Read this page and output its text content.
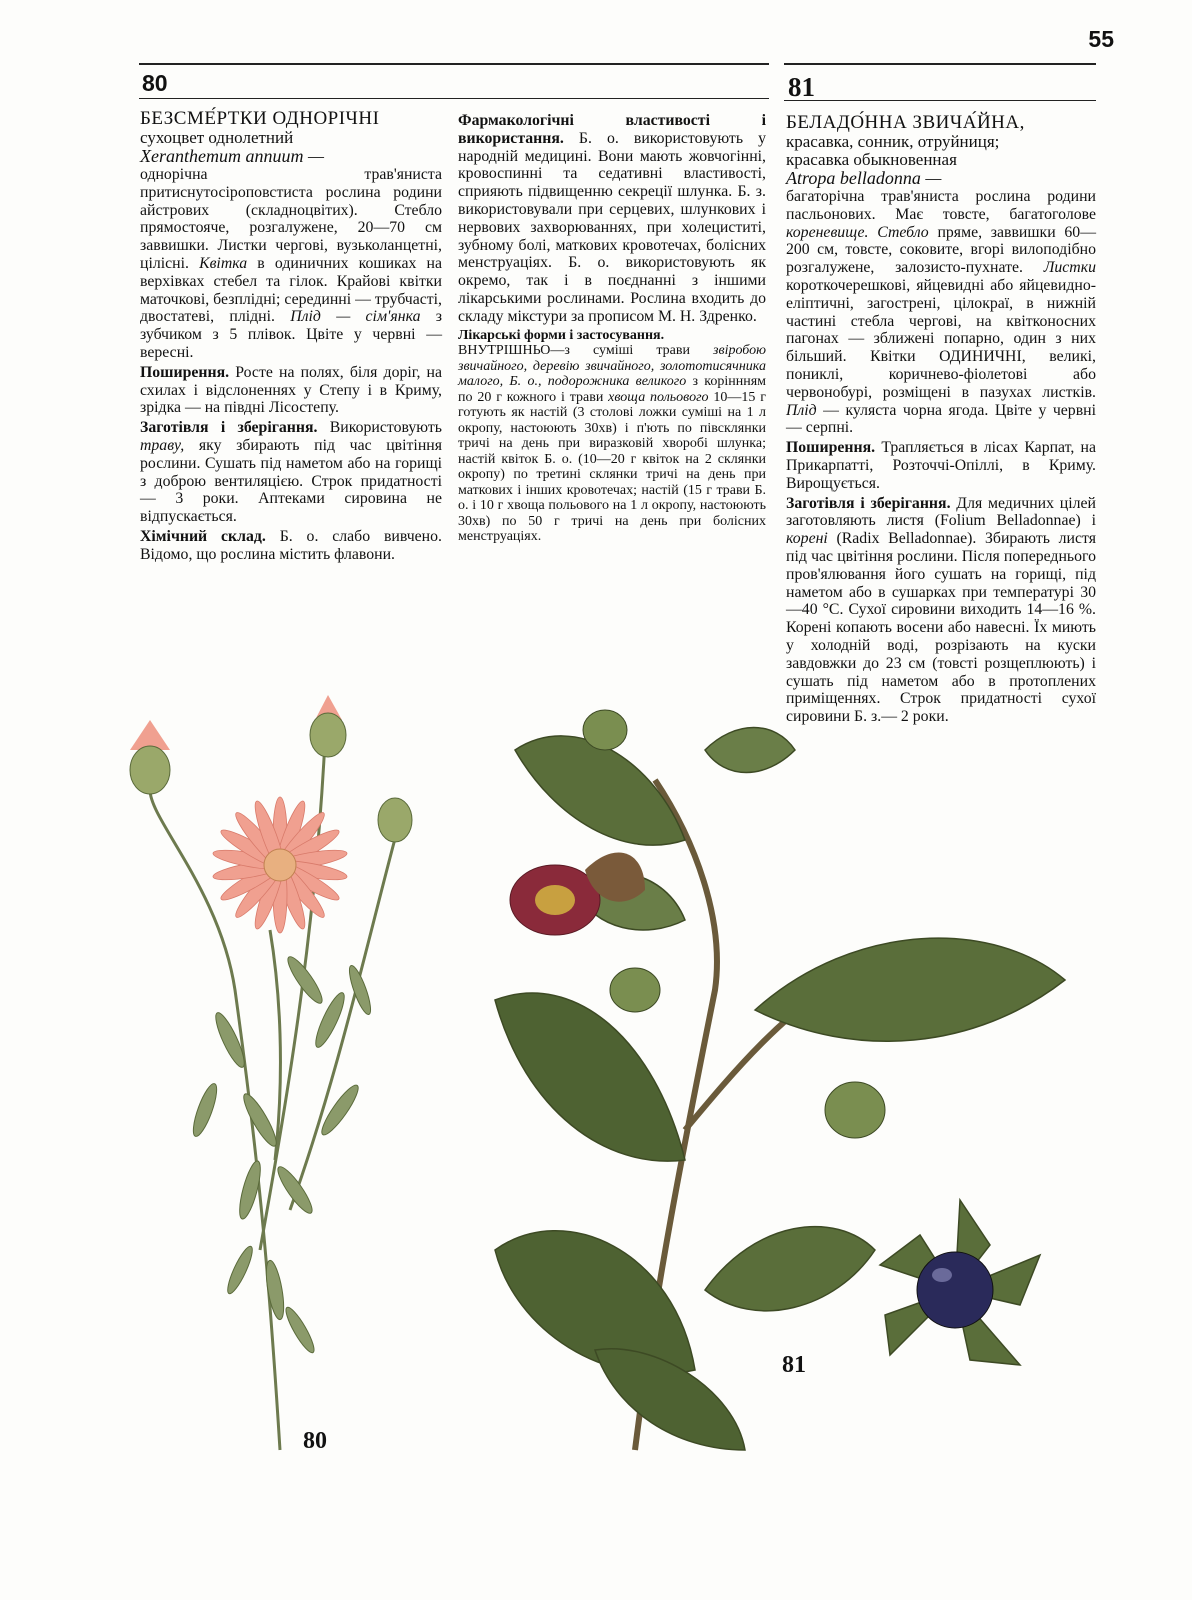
55
80	81
БЕЗСМЕ́РТКИ ОДНОРІЧНІ
сухоцвет однолетний
Xeranthemum annuum —

однорічна трав'яниста притиснутосіроповстиста рослина родини айстрових (складноцвітих). Стебло прямостояче, розгалужене, 20—70 см заввишки. Листки чергові, вузьколанцетні, цілісні. Квітка в одиничних кошиках на верхівках стебел та гілок. Крайові квітки маточкові, безплідні; серединні — трубчасті, двостатеві, плідні. Плід — сім'янка з зубчиком з 5 плівок. Цвіте у червні — вересні.

Поширення. Росте на полях, біля доріг, на схилах і відслоненнях у Степу і в Криму, зрідка — на півдні Лісостепу.

Заготівля і зберігання. Використовують траву, яку збирають під час цвітіння рослини. Сушать під наметом або на горищі з доброю вентиляцією. Строк придатності — 3 роки. Аптеками сировина не відпускається.

Хімічний склад. Б. о. слабо вивчено. Відомо, що рослина містить флавони.

Фармакологічні властивості і використання. Б. о. використовують у народній медицині. Вони мають жовчогінні, кровоспинні та седативні властивості, сприяють підвищенню секреції шлунка. Б. з. використовували при серцевих, шлункових і нервових захворюваннях, при холециститі, зубному болі, маткових кровотечах, болісних менструаціях. Б. о. використовують як окремо, так і в поєднанні з іншими лікарськими рослинами. Рослина входить до складу мікстури за прописом М. Н. Здренко.

Лікарські форми і застосування.
ВНУТРІШНЬО—з суміші трави звіробою звичайного, деревію звичайного, золототисячника малого, Б. о., подорожника великого з коріннням по 20 г кожного і трави хвоща польового 10—15 г готують як настій (3 столові ложки суміші на 1 л окропу, настоюють 30хв) і п'ють по півсклянки тричі на день при виразковій хворобі шлунка; настій квіток Б. о. (10—20 г квіток на 2 склянки окропу) по третині склянки тричі на день при маткових і інших кровотечах; настій (15 г трави Б. о. і 10 г хвоща польового на 1 л окропу, настоюють 30хв) по 50 г тричі на день при болісних менструаціях.

БЕЛАДО́ННА ЗВИЧА́ЙНА,
красавка, сонник, отруйниця;
красавка обыкновенная
Atropa belladonna —

багаторічна трав'яниста рослина родини пасльонових. Має товсте, багатоголове кореневище. Стебло пряме, заввишки 60—200 см, товсте, соковите, вгорі вилоподібно розгалужене, залозисто-пухнате. Листки короткочерешкові, яйцевидні або яйцевидно-еліптичні, загострені, цілокраї, в нижній частині стебла чергові, на квітконосних пагонах — зближені попарно, один з них більший. Квітки ОДИНИЧНІ, великі, пониклі, коричнево-фіолетові або червонобурі, розміщені в пазухах листків. Плід — куляста чорна ягода. Цвіте у червні — серпні.

Поширення. Трапляється в лісах Карпат, на Прикарпатті, Розточчі-Опіллі, в Криму. Вирощується.

Заготівля і зберігання. Для медичних цілей заготовляють листя (Folium Belladonnae) і корені (Radix Belladonnae). Збирають листя під час цвітіння рослини. Після попереднього пров'ялювання його сушать на горищі, під наметом або в сушарках при температурі 30—40 °С. Сухої сировини виходить 14—16 %. Корені копають восени або навесні. Їх миють у холодній воді, розрізають на куски завдовжки до 23 см (товсті розщеплюють) і сушать під наметом або в протоплених приміщеннях. Строк придатності сухої сировини Б. з.— 2 роки.

80
81
